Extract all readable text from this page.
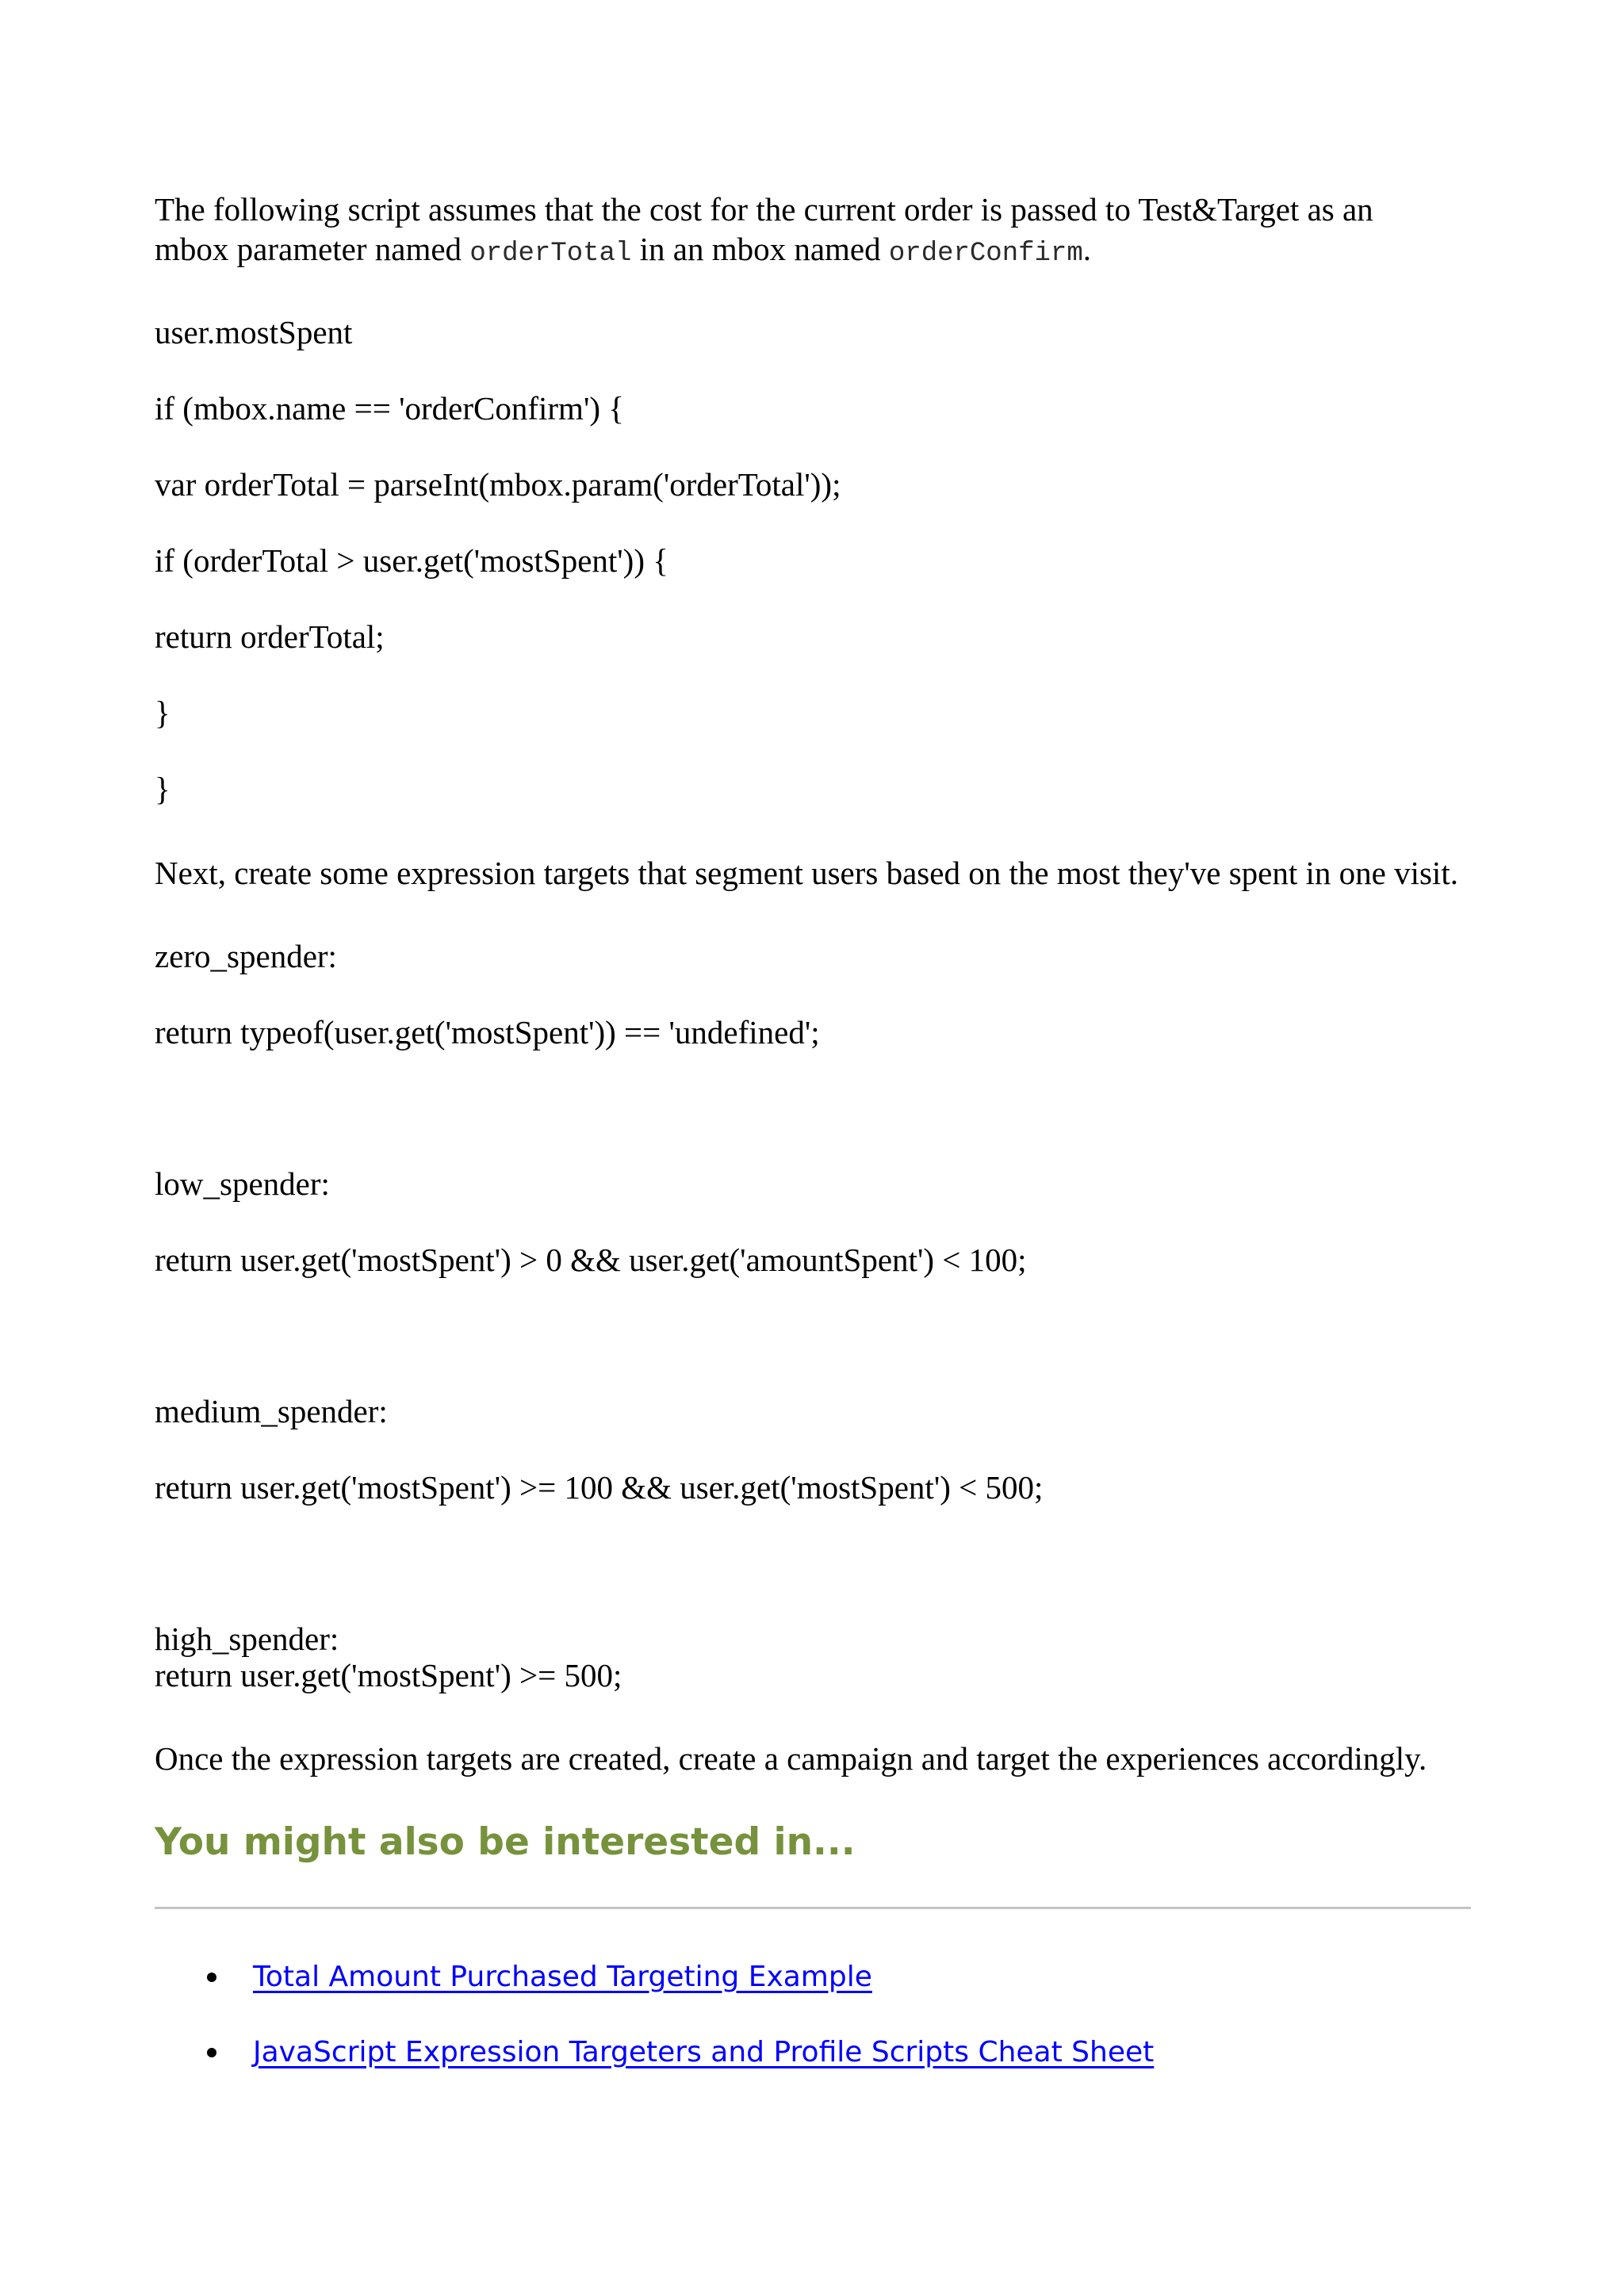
The following script assumes that the cost for the current order is passed to Test&Target as an
mbox parameter named orderTotal in an mbox named orderConfirm.
user.mostSpent
if (mbox.name == 'orderConfirm') {
var orderTotal = parseInt(mbox.param('orderTotal'));
if (orderTotal > user.get('mostSpent')) {
return orderTotal;
}
}
Next, create some expression targets that segment users based on the most they've spent in one visit.
zero_spender:
return typeof(user.get('mostSpent')) == 'undefined';
low_spender:
return user.get('mostSpent') > 0 && user.get('amountSpent') < 100;
medium_spender:
return user.get('mostSpent') >= 100 && user.get('mostSpent') < 500;
high_spender:
return user.get('mostSpent') >= 500;
Once the expression targets are created, create a campaign and target the experiences accordingly.
You might also be interested in...
Total Amount Purchased Targeting Example
JavaScript Expression Targeters and Profile Scripts Cheat Sheet
